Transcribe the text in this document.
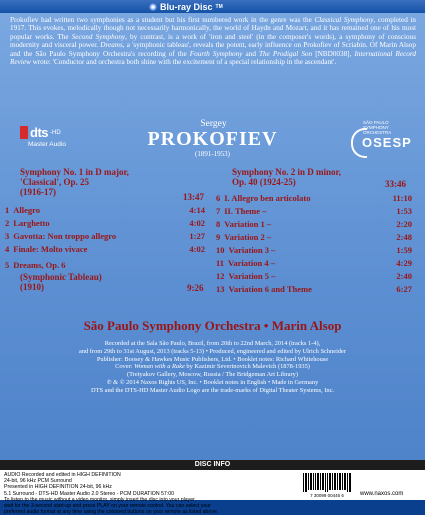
Blu-ray Disc TM
Prokofiev had written two symphonies as a student but his first numbered work in the genre was the Classical Symphony, completed in 1917. This evokes, melodically though not necessarily harmonically, the world of Haydn and Mozart, and it has remained one of his most popular works. The Second Symphony, by contrast, is a work of 'iron and steel' (in the composer's words), a symphony of conscious modernity and visceral power. Dreams, a 'symphonic tableau', reveals the potent, early influence on Prokofiev of Scriabin. Of Marin Alsop and the São Paulo Symphony Orchestra's recording of the Fourth Symphony and The Prodigal Son [NBD0038], International Record Review wrote: 'Conductor and orchestra both shine with the excitement of a special relationship in the ascendant'.
dts -HD
Master Audio
Sergey
PROKOFIEV
(1891-1953)
SÃO PAULO
SYMPHONY
ORCHESTRA
OSESP
Symphony No. 1 in D major,
'Classical', Op. 25
(1916-17)	13:47
1 Allegro	4:14
2 Larghetto	4:02
3 Gavotta: Non troppo allegro	1:27
4 Finale: Molto vivace	4:02
5 Dreams, Op. 6
(Symphonic Tableau)
(1910)	9:26
Symphony No. 2 in D minor,
Op. 40 (1924-25)	33:46
6 I. Allegro ben articolato	11:10
7 II. Theme –	1:53
8 Variation 1 –	2:20
9 Variation 2 –	2:48
10 Variation 3 –	1:59
11 Variation 4 –	4:29
12 Variation 5 –	2:40
13 Variation 6 and Theme	6:27
São Paulo Symphony Orchestra • Marin Alsop
Recorded at the Sala São Paulo, Brazil, from 20th to 22nd March, 2014 (tracks 1-4),
and from 29th to 31st August, 2013 (tracks 5-13) • Produced, engineered and edited by Ulrich Schneider
Publisher: Boosey & Hawkes Music Publishers, Ltd. • Booklet notes: Richard Whitehouse
Cover: Woman with a Rake by Kazimir Severinovich Malevich (1878-1935)
(Tretyakov Gallery, Moscow, Russia / The Bridgeman Art Library)
℗ & © 2014 Naxos Rights US, Inc. • Booklet notes in English • Made in Germany
DTS and the DTS-HD Master Audio Logo are the trade-marks of Digital Theater Systems, Inc.
DISC INFO
AUDIO Recorded and edited in HIGH DEFINITION
24-bit, 96 kHz PCM Surround
Presented in HIGH DEFINITION 24-bit, 96 kHz
5.1 Surround - DTS-HD Master Audio 2.0 Stereo - PCM DURATION 57:00
To listen to the music without a video monitor, simply insert the disc into your player,
wait for the 3-second start-up and press PLAY on your remote control. You can select your
preferred audio format at any time using the coloured buttons on your remote as listed above.
7 30099 00446 6	www.naxos.com
